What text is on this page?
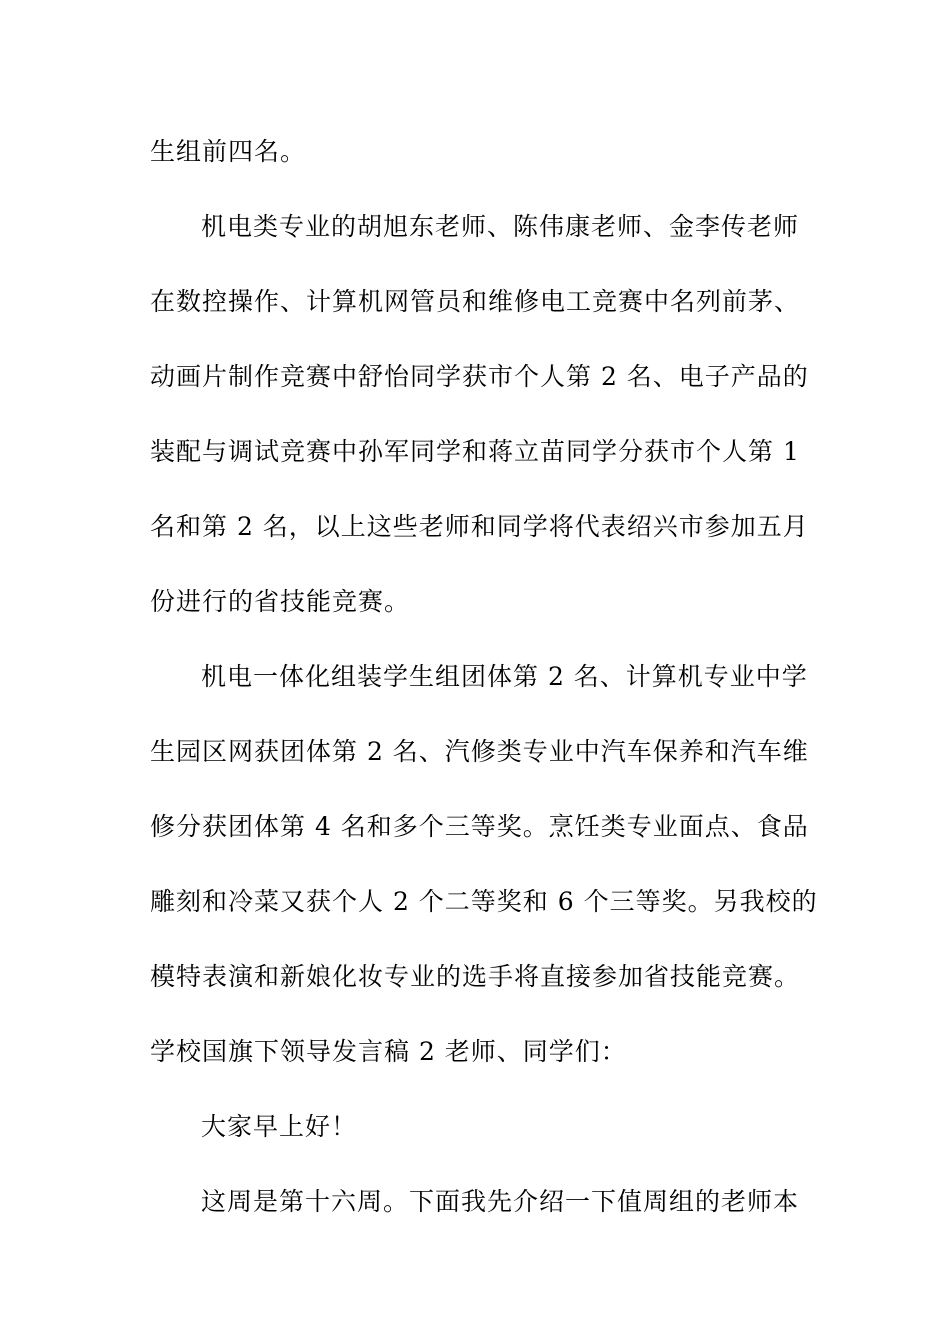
生组前四名。
机电类专业的胡旭东老师、陈伟康老师、金李传老师
在数控操作、计算机网管员和维修电工竞赛中名列前茅、
动画片制作竞赛中舒怡同学获市个人第 2 名、电子产品的
装配与调试竞赛中孙军同学和蒋立苗同学分获市个人第 1
名和第 2 名，以上这些老师和同学将代表绍兴市参加五月
份进行的省技能竞赛。
机电一体化组装学生组团体第 2 名、计算机专业中学
生园区网获团体第 2 名、汽修类专业中汽车保养和汽车维
修分获团体第 4 名和多个三等奖。烹饪类专业面点、食品
雕刻和冷菜又获个人 2 个二等奖和 6 个三等奖。另我校的
模特表演和新娘化妆专业的选手将直接参加省技能竞赛。
学校国旗下领导发言稿 2 老师、同学们：
大家早上好！
这周是第十六周。下面我先介绍一下值周组的老师本
